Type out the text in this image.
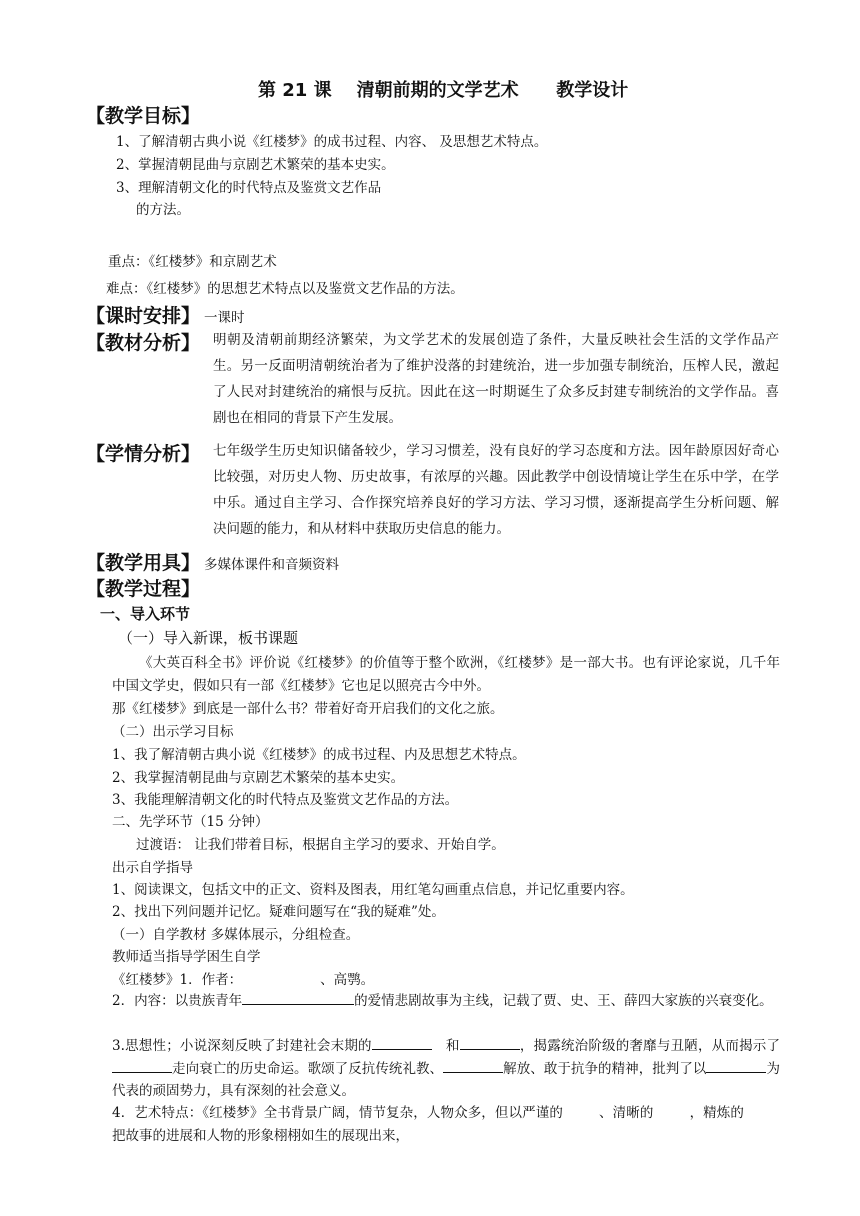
第 21 课    清朝前期的文学艺术      教学设计
【教学目标】
1、了解清朝古典小说《红楼梦》的成书过程、内容、 及思想艺术特点。
2、掌握清朝昆曲与京剧艺术繁荣的基本史实。
3、理解清朝文化的时代特点及鉴赏文艺作品
的方法。
重点：《红楼梦》和京剧艺术
难点：《红楼梦》的思想艺术特点以及鉴赏文艺作品的方法。
【课时安排】 一课时
【教材分析】 明朝及清朝前期经济繁荣，为文学艺术的发展创造了条件，大量反映社会生活的文学作品产生。另一反面明清朝统治者为了维护没落的封建统治，进一步加强专制统治，压榨人民，激起了人民对封建统治的痛恨与反抗。因此在这一时期诞生了众多反封建专制统治的文学作品。喜剧也在相同的背景下产生发展。
【学情分析】 七年级学生历史知识储备较少，学习习惯差，没有良好的学习态度和方法。因年龄原因好奇心比较强，对历史人物、历史故事，有浓厚的兴趣。因此教学中创设情境让学生在乐中学，在学中乐。通过自主学习、合作探究培养良好的学习方法、学习习惯，逐渐提高学生分析问题、解决问题的能力，和从材料中获取历史信息的能力。
【教学用具】 多媒体课件和音频资料
【教学过程】
一、导入环节
（一）导入新课，板书课题
《大英百科全书》评价说《红楼梦》的价值等于整个欧洲，《红楼梦》是一部大书。也有评论家说，几千年中国文学史，假如只有一部《红楼梦》它也足以照亮古今中外。
那《红楼梦》到底是一部什么书？带着好奇开启我们的文化之旅。
（二）出示学习目标
1、我了解清朝古典小说《红楼梦》的成书过程、内及思想艺术特点。
2、我掌握清朝昆曲与京剧艺术繁荣的基本史实。
3、我能理解清朝文化的时代特点及鉴赏文艺作品的方法。
二、先学环节（15 分钟）
过渡语： 让我们带着目标，根据自主学习的要求、开始自学。
出示自学指导
1、阅读课文，包括文中的正文、资料及图表，用红笔勾画重点信息，并记忆重要内容。
2、找出下列问题并记忆。疑难问题写在“我的疑难”处。
（一）自学教材 多媒体展示，分组检查。
教师适当指导学困生自学
《红楼梦》1．作者：	、高鹗。
2．内容：以贵族青年	的爱情悲剧故事为主线，记载了贾、史、王、薛四大家族的兴衰变化。
3.思想性；小说深刻反映了封建社会末期的	和	，揭露统治阶级的奢靡与丑陋，从而揭示了走向衰亡的历史命运。歌颂了反抗传统礼教、	解放、敢于抗争的精神，批判了以	为代表的顽固势力，具有深刻的社会意义。
4．艺术特点：《红楼梦》全书背景广阔，情节复杂，人物众多，但以严谨的	、清晰的	，精炼的把故事的进展和人物的形象栩栩如生的展现出来，
